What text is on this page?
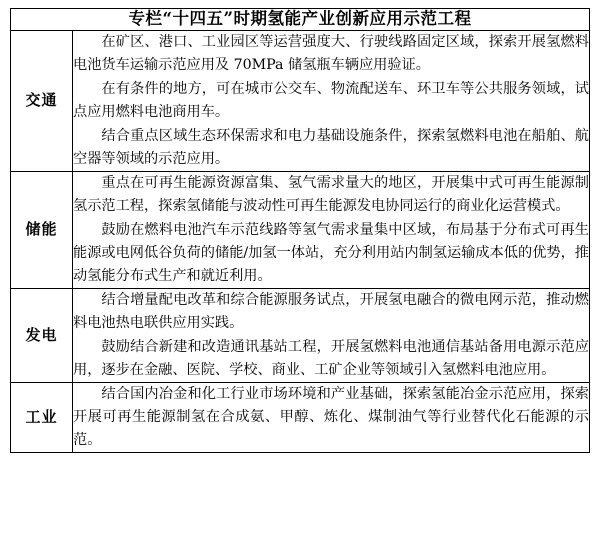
专栏“十四五”时期氢能产业创新应用示范工程	
交通	在矿区、港口、工业园区等运营强度大、行驶线路固定区域，探索开展氢燃料电池货车运输示范应用及 70MPa 储氢瓶车辆应用验证。

在有条件的地方，可在城市公交车、物流配送车、环卫车等公共服务领域，试点应用燃料电池商用车。

结合重点区域生态环保需求和电力基础设施条件，探索氢燃料电池在船舶、航空器等领域的示范应用。

储能	重点在可再生能源资源富集、氢气需求量大的地区，开展集中式可再生能源制氢示范工程，探索氢储能与波动性可再生能源发电协同运行的商业化运营模式。

鼓励在燃料电池汽车示范线路等氢气需求量集中区域，布局基于分布式可再生能源或电网低谷负荷的储能/加氢一体站，充分利用站内制氢运输成本低的优势，推动氢能分布式生产和就近利用。

发电	结合增量配电改革和综合能源服务试点，开展氢电融合的微电网示范，推动燃料电池热电联供应用实践。

鼓励结合新建和改造通讯基站工程，开展氢燃料电池通信基站备用电源示范应用，逐步在金融、医院、学校、商业、工矿企业等领域引入氢燃料电池应用。

工业	结合国内冶金和化工行业市场环境和产业基础，探索氢能冶金示范应用，探索开展可再生能源制氢在合成氨、甲醇、炼化、煤制油气等行业替代化石能源的示范。
